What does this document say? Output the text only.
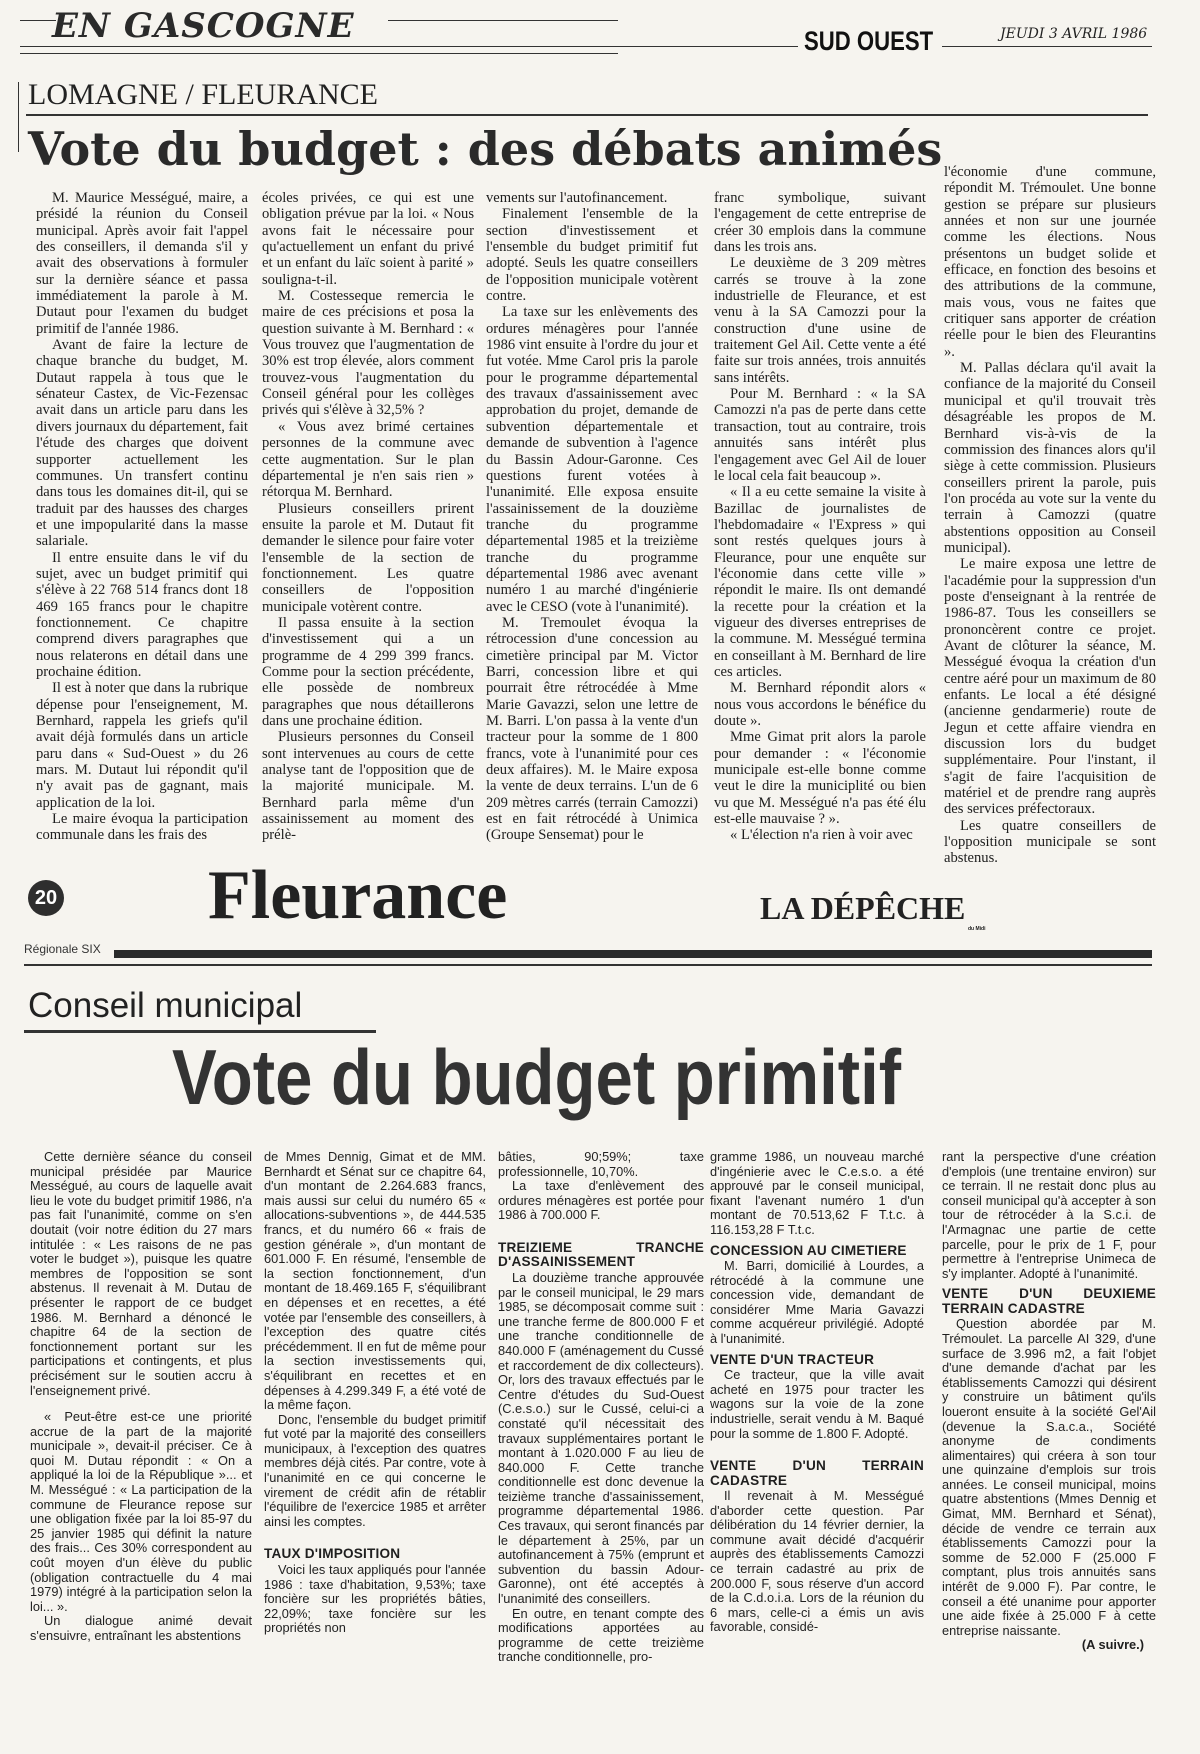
EN GASCOGNE	SUD OUEST	JEUDI 3 AVRIL 1986
LOMAGNE / FLEURANCE
Vote du budget : des débats animés

M. Maurice Mességué, maire, a présidé la réunion du Conseil municipal. Après avoir fait l'appel des conseillers, il demanda s'il y avait des observations à formuler sur la dernière séance et passa immédiatement la parole à M. Dutaut pour l'examen du budget primitif de l'année 1986.

Avant de faire la lecture de chaque branche du budget, M. Dutaut rappela à tous que le sénateur Castex, de Vic-Fezensac avait dans un article paru dans les divers journaux du département, fait l'étude des charges que doivent supporter actuellement les communes. Un transfert continu dans tous les domaines dit-il, qui se traduit par des hausses des charges et une impopularité dans la masse salariale.

Il entre ensuite dans le vif du sujet, avec un budget primitif qui s'élève à 22 768 514 francs dont 18 469 165 francs pour le chapitre fonctionnement. Ce chapitre comprend divers paragraphes que nous relaterons en détail dans une prochaine édition.

Il est à noter que dans la rubrique dépense pour l'enseignement, M. Bernhard, rappela les griefs qu'il avait déjà formulés dans un article paru dans « Sud-Ouest » du 26 mars. M. Dutaut lui répondit qu'il n'y avait pas de gagnant, mais application de la loi.

Le maire évoqua la participation communale dans les frais des

écoles privées, ce qui est une obligation prévue par la loi. « Nous avons fait le nécessaire pour qu'actuellement un enfant du privé et un enfant du laïc soient à parité » souligna-t-il.

M. Costesseque remercia le maire de ces précisions et posa la question suivante à M. Bernhard : « Vous trouvez que l'augmentation de 30% est trop élevée, alors comment trouvez-vous l'augmentation du Conseil général pour les collèges privés qui s'élève à 32,5% ?

« Vous avez brimé certaines personnes de la commune avec cette augmentation. Sur le plan départemental je n'en sais rien » rétorqua M. Bernhard.

Plusieurs conseillers prirent ensuite la parole et M. Dutaut fit demander le silence pour faire voter l'ensemble de la section de fonctionnement. Les quatre conseillers de l'opposition municipale votèrent contre.

Il passa ensuite à la section d'investissement qui a un programme de 4 299 399 francs. Comme pour la section précédente, elle possède de nombreux paragraphes que nous détaillerons dans une prochaine édition.

Plusieurs personnes du Conseil sont intervenues au cours de cette analyse tant de l'opposition que de la majorité municipale. M. Bernhard parla même d'un assainissement au moment des prélè-

vements sur l'autofinancement.

Finalement l'ensemble de la section d'investissement et l'ensemble du budget primitif fut adopté. Seuls les quatre conseillers de l'opposition municipale votèrent contre.

La taxe sur les enlèvements des ordures ménagères pour l'année 1986 vint ensuite à l'ordre du jour et fut votée. Mme Carol pris la parole pour le programme départemental des travaux d'assainissement avec approbation du projet, demande de subvention départementale et demande de subvention à l'agence du Bassin Adour-Garonne. Ces questions furent votées à l'unanimité. Elle exposa ensuite l'assainissement de la douzième tranche du programme départemental 1985 et la treizième tranche du programme départemental 1986 avec avenant numéro 1 au marché d'ingénierie avec le CESO (vote à l'unanimité).

M. Tremoulet évoqua la rétrocession d'une concession au cimetière principal par M. Victor Barri, concession libre et qui pourrait être rétrocédée à Mme Marie Gavazzi, selon une lettre de M. Barri. L'on passa à la vente d'un tracteur pour la somme de 1 800 francs, vote à l'unanimité pour ces deux affaires). M. le Maire exposa la vente de deux terrains. L'un de 6 209 mètres carrés (terrain Camozzi) est en fait rétrocédé à Unimica (Groupe Sensemat) pour le

franc symbolique, suivant l'engagement de cette entreprise de créer 30 emplois dans la commune dans les trois ans.

Le deuxième de 3 209 mètres carrés se trouve à la zone industrielle de Fleurance, et est venu à la SA Camozzi pour la construction d'une usine de traitement Gel Ail. Cette vente a été faite sur trois années, trois annuités sans intérêts.

Pour M. Bernhard : « la SA Camozzi n'a pas de perte dans cette transaction, tout au contraire, trois annuités sans intérêt plus l'engagement avec Gel Ail de louer le local cela fait beaucoup ».

« Il a eu cette semaine la visite à Bazillac de journalistes de l'hebdomadaire « l'Express » qui sont restés quelques jours à Fleurance, pour une enquête sur l'économie dans cette ville » répondit le maire. Ils ont demandé la recette pour la création et la vigueur des diverses entreprises de la commune. M. Mességué termina en conseillant à M. Bernhard de lire ces articles.

M. Bernhard répondit alors « nous vous accordons le bénéfice du doute ».

Mme Gimat prit alors la parole pour demander : « l'économie municipale est-elle bonne comme veut le dire la municiplité ou bien vu que M. Mességué n'a pas été élu est-elle mauvaise ? ».

« L'élection n'a rien à voir avec

l'économie d'une commune, répondit M. Trémoulet. Une bonne gestion se prépare sur plusieurs années et non sur une journée comme les élections. Nous présentons un budget solide et efficace, en fonction des besoins et des attributions de la commune, mais vous, vous ne faites que critiquer sans apporter de création réelle pour le bien des Fleurantins ».

M. Pallas déclara qu'il avait la confiance de la majorité du Conseil municipal et qu'il trouvait très désagréable les propos de M. Bernhard vis-à-vis de la commission des finances alors qu'il siège à cette commission. Plusieurs conseillers prirent la parole, puis l'on procéda au vote sur la vente du terrain à Camozzi (quatre abstentions opposition au Conseil municipal).

Le maire exposa une lettre de l'académie pour la suppression d'un poste d'enseignant à la rentrée de 1986-87. Tous les conseillers se prononcèrent contre ce projet. Avant de clôturer la séance, M. Mességué évoqua la création d'un centre aéré pour un maximum de 80 enfants. Le local a été désigné (ancienne gendarmerie) route de Jegun et cette affaire viendra en discussion lors du budget supplémentaire. Pour l'instant, il s'agit de faire l'acquisition de matériel et de prendre rang auprès des services préfectoraux.

Les quatre conseillers de l'opposition municipale se sont abstenus.

20 Fleurance	LA DÉPÊCHE
du Midi
Régionale SIX
Conseil municipal
Vote du budget primitif

Cette dernière séance du conseil municipal présidée par Maurice Mességué, au cours de laquelle avait lieu le vote du budget primitif 1986, n'a pas fait l'unanimité, comme on s'en doutait (voir notre édition du 27 mars intitulée : « Les raisons de ne pas voter le budget »), puisque les quatre membres de l'opposition se sont abstenus. Il revenait à M. Dutau de présenter le rapport de ce budget 1986. M. Bernhard a dénoncé le chapitre 64 de la section de fonctionnement portant sur les participations et contingents, et plus précisément sur le soutien accru à l'enseignement privé.

« Peut-être est-ce une priorité accrue de la part de la majorité municipale », devait-il préciser. Ce à quoi M. Dutau répondit : « On a appliqué la loi de la République »... et M. Mességué : « La participation de la commune de Fleurance repose sur une obligation fixée par la loi 85-97 du 25 janvier 1985 qui définit la nature des frais... Ces 30% correspondent au coût moyen d'un élève du public (obligation contractuelle du 4 mai 1979) intégré à la participation selon la loi... ».

Un dialogue animé devait s'ensuivre, entraînant les abstentions

de Mmes Dennig, Gimat et de MM. Bernhardt et Sénat sur ce chapitre 64, d'un montant de 2.264.683 francs, mais aussi sur celui du numéro 65 « allocations-subventions », de 444.535 francs, et du numéro 66 « frais de gestion générale », d'un montant de 601.000 F. En résumé, l'ensemble de la section fonctionnement, d'un montant de 18.469.165 F, s'équilibrant en dépenses et en recettes, a été votée par l'ensemble des conseillers, à l'exception des quatre cités précédemment. Il en fut de même pour la section investissements qui, s'équilibrant en recettes et en dépenses à 4.299.349 F, a été voté de la même façon.

Donc, l'ensemble du budget primitif fut voté par la majorité des conseillers municipaux, à l'exception des quatres membres déjà cités. Par contre, vote à l'unanimité en ce qui concerne le virement de crédit afin de rétablir l'équilibre de l'exercice 1985 et arrêter ainsi les comptes.

TAUX D'IMPOSITION

Voici les taux appliqués pour l'année 1986 : taxe d'habitation, 9,53%; taxe foncière sur les propriétés bâties, 22,09%; taxe foncière sur les propriétés non

bâties, 90;59%; taxe professionnelle, 10,70%.

La taxe d'enlèvement des ordures ménagères est portée pour 1986 à 700.000 F.

TREIZIEME TRANCHE D'ASSAINISSEMENT

La douzième tranche approuvée par le conseil municipal, le 29 mars 1985, se décomposait comme suit : une tranche ferme de 800.000 F et une tranche conditionnelle de 840.000 F (aménagement du Cussé et raccordement de dix collecteurs). Or, lors des travaux effectués par le Centre d'études du Sud-Ouest (C.e.s.o.) sur le Cussé, celui-ci a constaté qu'il nécessitait des travaux supplémentaires portant le montant à 1.020.000 F au lieu de 840.000 F. Cette tranche conditionnelle est donc devenue la teizième tranche d'assainissement, programme départemental 1986. Ces travaux, qui seront financés par le département à 25%, par un autofinancement à 75% (emprunt et subvention du bassin Adour-Garonne), ont été acceptés à l'unanimité des conseillers.

En outre, en tenant compte des modifications apportées au programme de cette treizième tranche conditionnelle, pro-

gramme 1986, un nouveau marché d'ingénierie avec le C.e.s.o. a été approuvé par le conseil municipal, fixant l'avenant numéro 1 d'un montant de 70.513,62 F T.t.c. à 116.153,28 F T.t.c.

CONCESSION AU CIMETIERE

M. Barri, domicilié à Lourdes, a rétrocédé à la commune une concession vide, demandant de considérer Mme Maria Gavazzi comme acquéreur privilégié. Adopté à l'unanimité.

VENTE D'UN TRACTEUR

Ce tracteur, que la ville avait acheté en 1975 pour tracter les wagons sur la voie de la zone industrielle, serait vendu à M. Baqué pour la somme de 1.800 F. Adopté.

VENTE D'UN TERRAIN CADASTRE

Il revenait à M. Mességué d'aborder cette question. Par délibération du 14 février dernier, la commune avait décidé d'acquérir auprès des établissements Camozzi ce terrain cadastré au prix de 200.000 F, sous réserve d'un accord de la C.d.o.i.a. Lors de la réunion du 6 mars, celle-ci a émis un avis favorable, considé-

rant la perspective d'une création d'emplois (une trentaine environ) sur ce terrain. Il ne restait donc plus au conseil municipal qu'à accepter à son tour de rétrocéder à la S.c.i. de l'Armagnac une partie de cette parcelle, pour le prix de 1 F, pour permettre à l'entreprise Unimeca de s'y implanter. Adopté à l'unanimité.

VENTE D'UN DEUXIEME TERRAIN CADASTRE

Question abordée par M. Trémoulet. La parcelle AI 329, d'une surface de 3.996 m2, a fait l'objet d'une demande d'achat par les établissements Camozzi qui désirent y construire un bâtiment qu'ils loueront ensuite à la société Gel'Ail (devenue la S.a.c.a., Société anonyme de condiments alimentaires) qui créera à son tour une quinzaine d'emplois sur trois années. Le conseil municipal, moins quatre abstentions (Mmes Dennig et Gimat, MM. Bernhard et Sénat), décide de vendre ce terrain aux établissements Camozzi pour la somme de 52.000 F (25.000 F comptant, plus trois annuités sans intérêt de 9.000 F). Par contre, le conseil a été unanime pour apporter une aide fixée à 25.000 F à cette entreprise naissante.

(A suivre.)
